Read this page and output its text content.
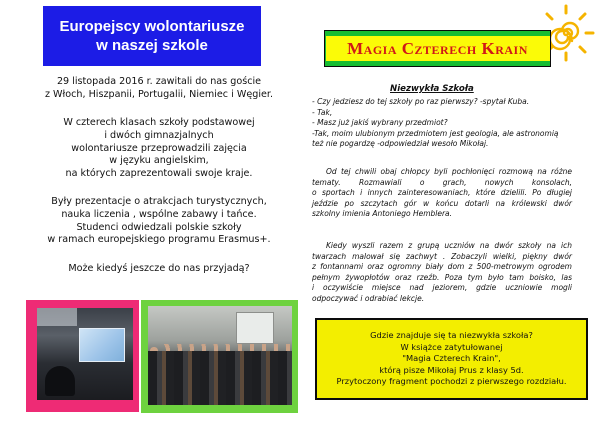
Europejscy wolontariusze
w naszej szkole
29 listopada 2016 r. zawitali do nas goście
z Włoch, Hiszpanii, Portugalii, Niemiec i Węgier.
W czterech klasach szkoły podstawowej
i dwóch gimnazjalnych
wolontariusze przeprowadzili zajęcia
w języku angielskim,
na których zaprezentowali swoje kraje.
Były prezentacje o atrakcjach turystycznych,
nauka liczenia , wspólne zabawy i tańce.
Studenci odwiedzali polskie szkoły
w ramach europejskiego programu Erasmus+.
Może kiedyś jeszcze do nas przyjadą?
Magia Czterech Krain
Niezwykła Szkoła
- Czy jedziesz do tej szkoły po raz pierwszy? -spytał Kuba.
- Tak,
- Masz już jakiś wybrany przedmiot?
-Tak, moim ulubionym przedmiotem jest geologia, ale astronomią
też nie pogardzę -odpowiedział wesoło Mikołaj.
Od tej chwili obaj chłopcy byli pochłonięci rozmową na różne
tematy. Rozmawiali o grach, nowych konsolach,
o sportach i innych zainteresowaniach, które dzielili. Po długiej
jeździe po szczytach gór w końcu dotarli na królewski dwór
szkolny imienia Antoniego Hemblera.
Kiedy wyszli razem z grupą uczniów na dwór szkoły na ich
twarzach malował się zachwyt . Zobaczyli wielki, piękny dwór
z fontannami oraz ogromny biały dom z 500-metrowym ogrodem
pełnym żywopłotów oraz rzeźb. Poza tym było tam boisko, las
i oczywiście miejsce nad jeziorem, gdzie uczniowie mogli
odpoczywać i odrabiać lekcje.
Gdzie znajduje się ta niezwykła szkoła?
W książce zatytułowanej
"Magia Czterech Krain",
którą pisze Mikołaj Prus z klasy 5d.
Przytoczony fragment pochodzi z pierwszego rozdziału.
